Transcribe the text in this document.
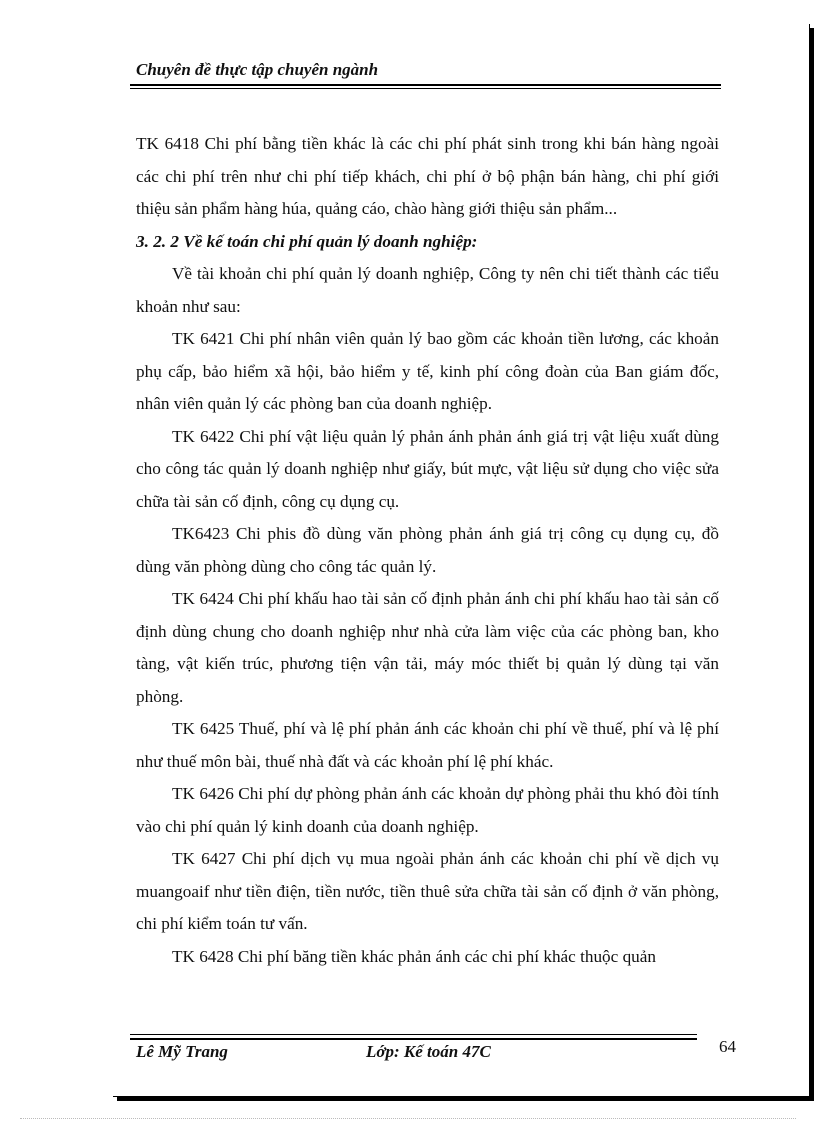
Chuyên đề thực tập chuyên ngành

TK 6418 Chi phí bằng tiền khác là các chi phí phát sinh trong khi bán hàng ngoài các chi phí trên như chi phí tiếp khách, chi phí ở bộ phận bán hàng, chi phí giới thiệu sản phẩm hàng húa, quảng cáo, chào hàng giới thiệu sản phẩm...

3. 2. 2 Về kế toán chi phí quản lý doanh nghiệp:

Về tài khoản chi phí quản lý doanh nghiệp, Công ty nên chi tiết thành các tiểu khoản như sau:

TK 6421 Chi phí nhân viên quản lý bao gồm các khoản tiền lương, các khoản phụ cấp, bảo hiểm xã hội, bảo hiểm y tế, kinh phí công đoàn của Ban giám đốc, nhân viên quản lý các phòng ban của doanh nghiệp.

TK 6422 Chi phí vật liệu quản lý phản ánh phản ánh giá trị vật liệu xuất dùng cho công tác quản lý doanh nghiệp như giấy, bút mực, vật liệu sử dụng cho việc sửa chữa tài sản cố định, công cụ dụng cụ.

TK6423 Chi phis đồ dùng văn phòng phản ánh giá trị công cụ dụng cụ, đồ dùng văn phòng dùng cho công tác quản lý.

TK 6424 Chi phí khấu hao tài sản cố định phản ánh chi phí khấu hao tài sản cố định dùng chung cho doanh nghiệp như nhà cửa làm việc của các phòng ban, kho tàng, vật kiến trúc, phương tiện vận tải, máy móc thiết bị quản lý dùng tại văn phòng.

TK 6425 Thuế, phí và lệ phí phản ánh các khoản chi phí về thuế, phí và lệ phí như thuế môn bài, thuế nhà đất và các khoản phí lệ phí khác.

TK 6426 Chi phí dự phòng phản ánh các khoản dự phòng phải thu khó đòi tính vào chi phí quản lý kinh doanh của doanh nghiệp.

TK 6427 Chi phí dịch vụ mua ngoài phản ánh các khoản chi phí về dịch vụ muangoaif như tiền điện, tiền nước, tiền thuê sửa chữa tài sản cố định ở văn phòng, chi phí kiểm toán tư vấn.

TK 6428 Chi phí băng tiền khác phản ánh các chi phí khác thuộc quản

Lê Mỹ Trang	Lớp: Kế toán 47C	64
